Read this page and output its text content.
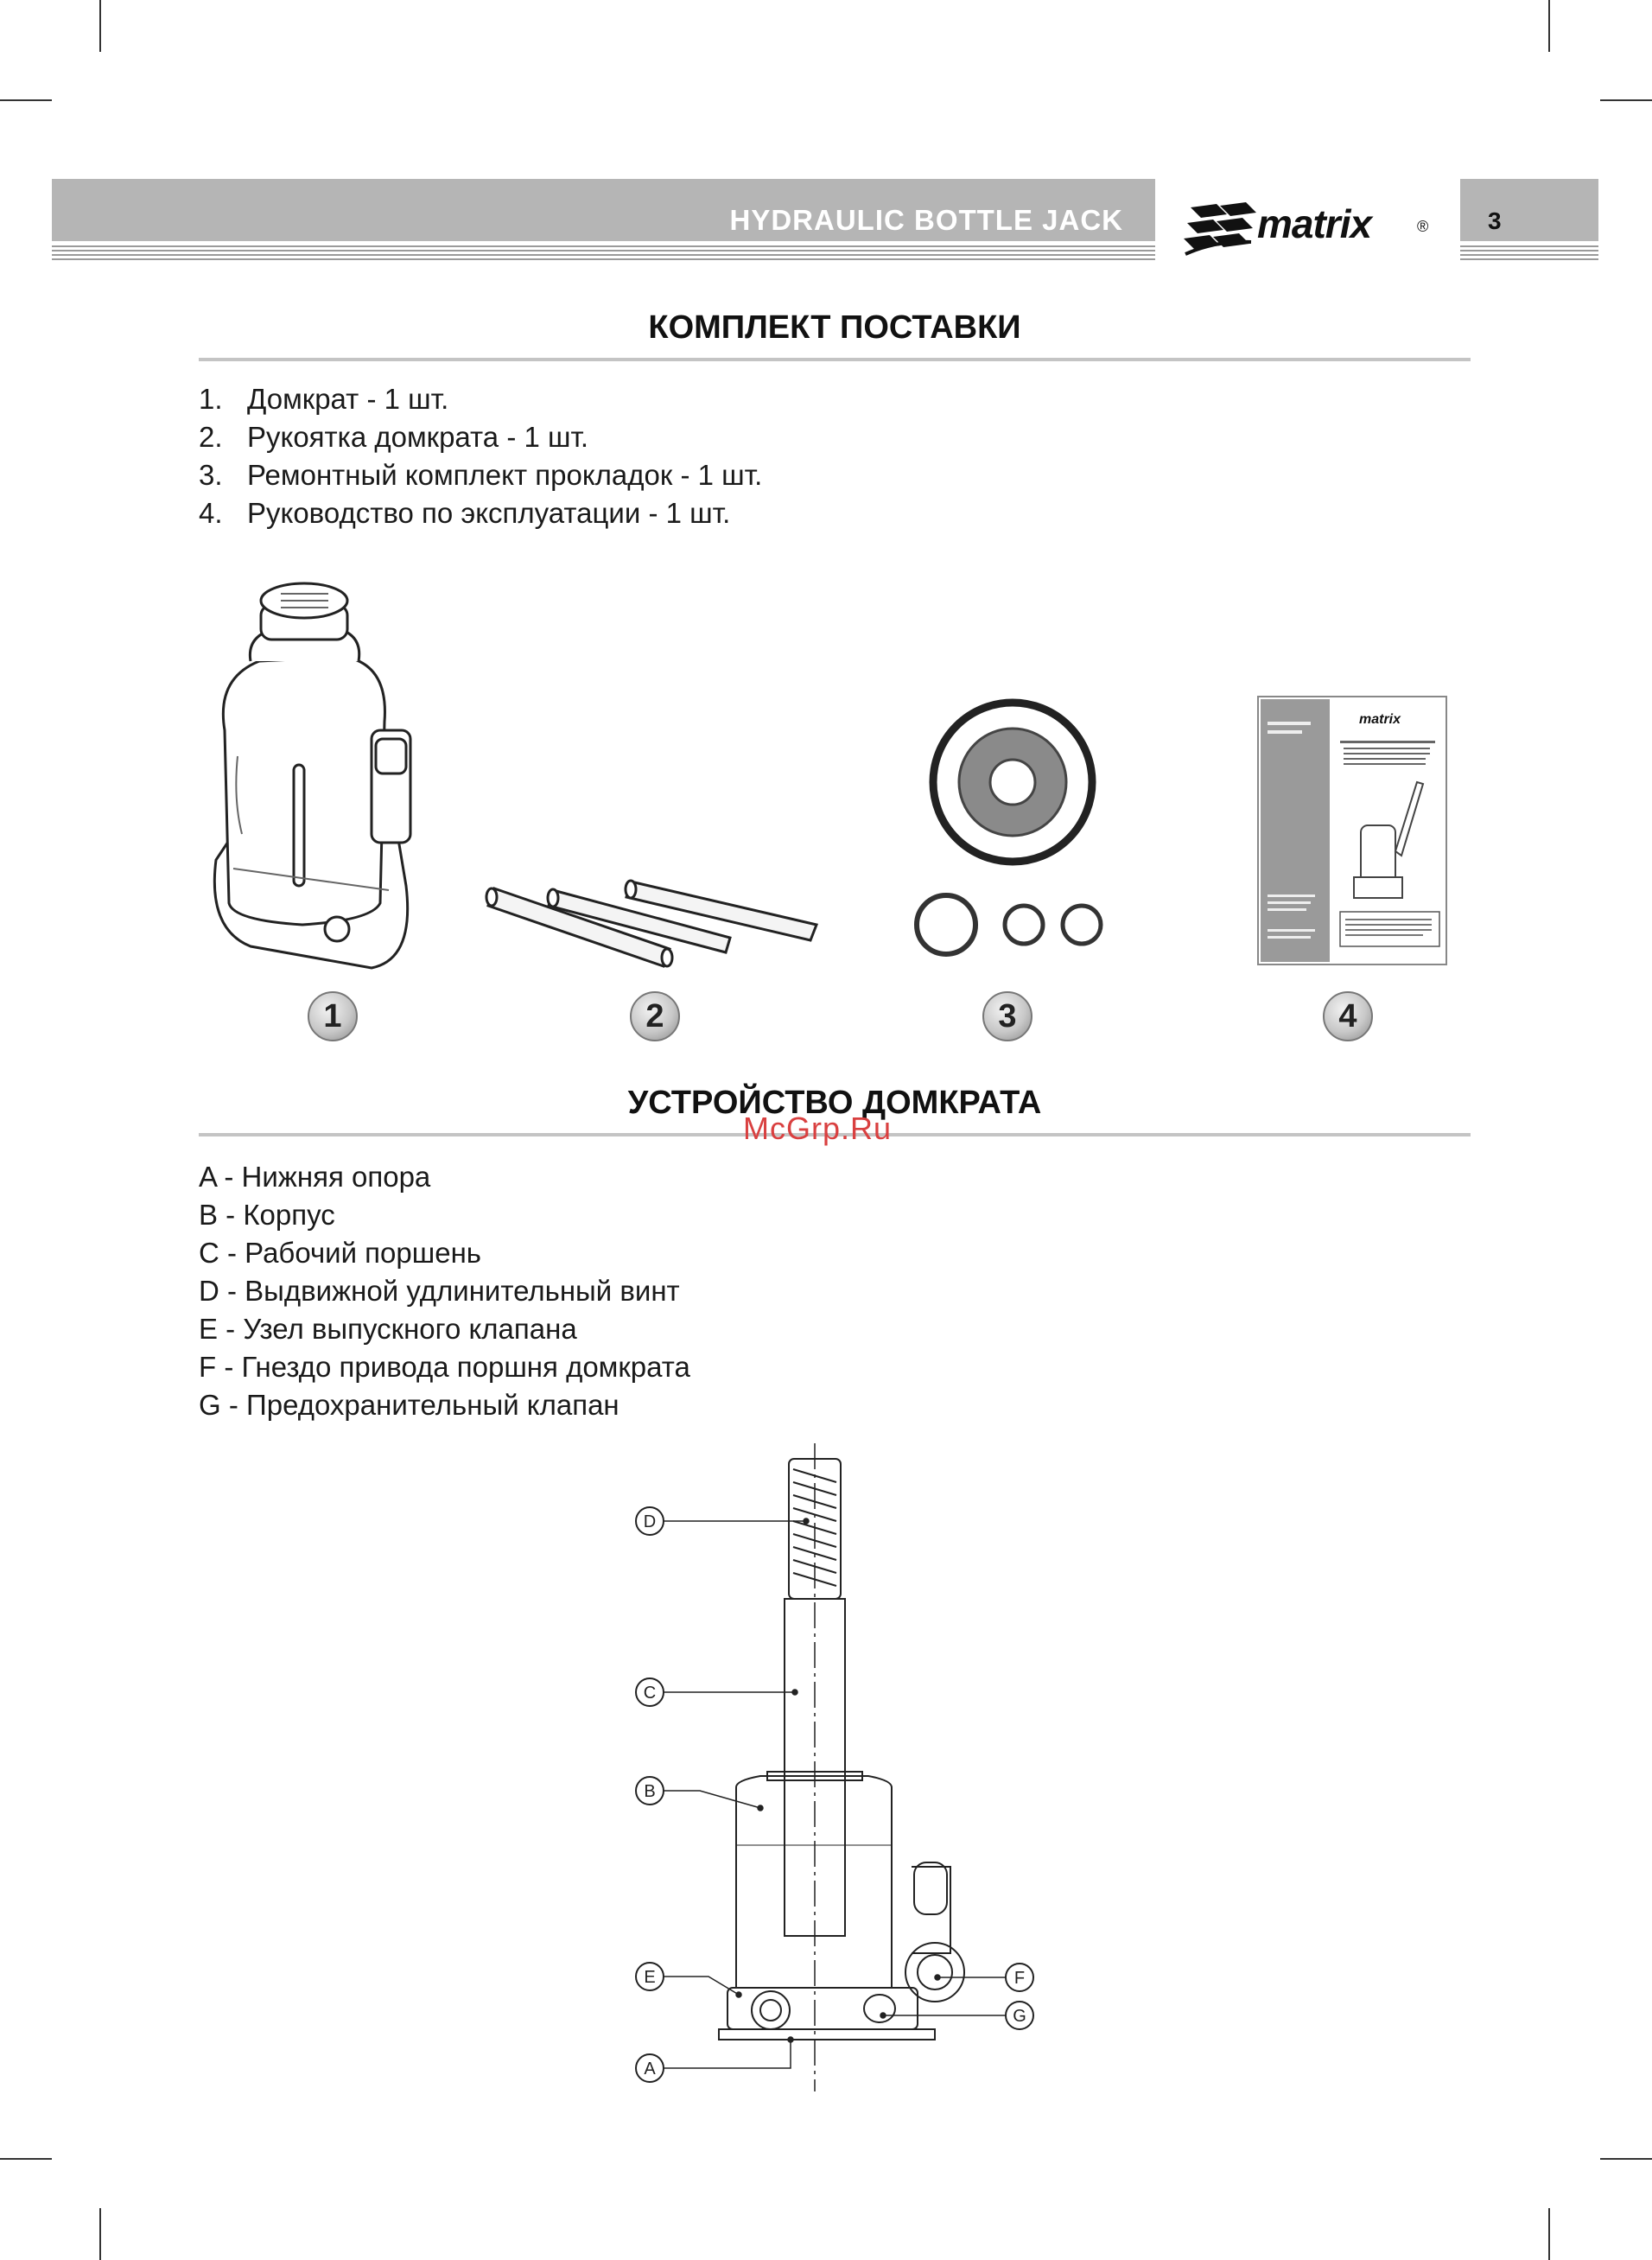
HYDRAULIC BOTTLE JACK	matrix	® 3
КОМПЛЕКТ ПОСТАВКИ
1. Домкрат - 1 шт.
2. Рукоятка домкрата - 1 шт.
3. Ремонтный комплект прокладок - 1 шт.
4. Руководство по эксплуатации - 1 шт.
matrix
1	2	3	4
УСТРОЙСТВО ДОМКРАТА
McGrp.Ru
A - Нижняя опора
B - Корпус
C - Рабочий поршень
D - Выдвижной удлинительный винт
E - Узел выпускного клапана
F - Гнездо привода поршня домкрата
G - Предохранительный клапан
D
C
B
E
A
F
G
